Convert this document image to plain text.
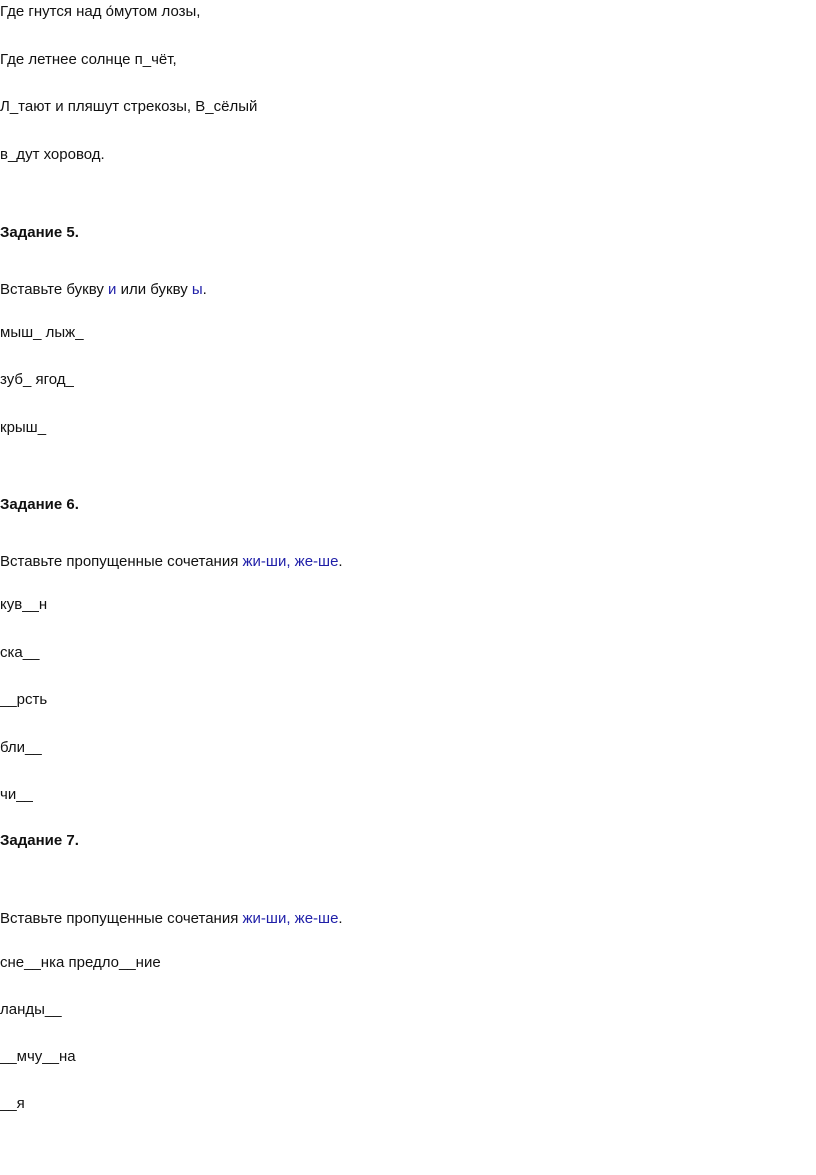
Где гнутся над о́мутом лозы,
Где летнее солнце п_чёт,
Л_тают и пляшут стрекозы, В_сёлый
в_дут хоровод.
Задание 5.
Вставьте букву и или букву ы.
мыш_ лыж_
зуб_ ягод_
крыш_
Задание 6.
Вставьте пропущенные сочетания жи-ши, же-ше.
кув__н
ска__
__рсть
бли__
чи__
Задание 7.
Вставьте пропущенные сочетания жи-ши, же-ше.
сне__нка предло__ние
ланды__
__мчу__на
__я
